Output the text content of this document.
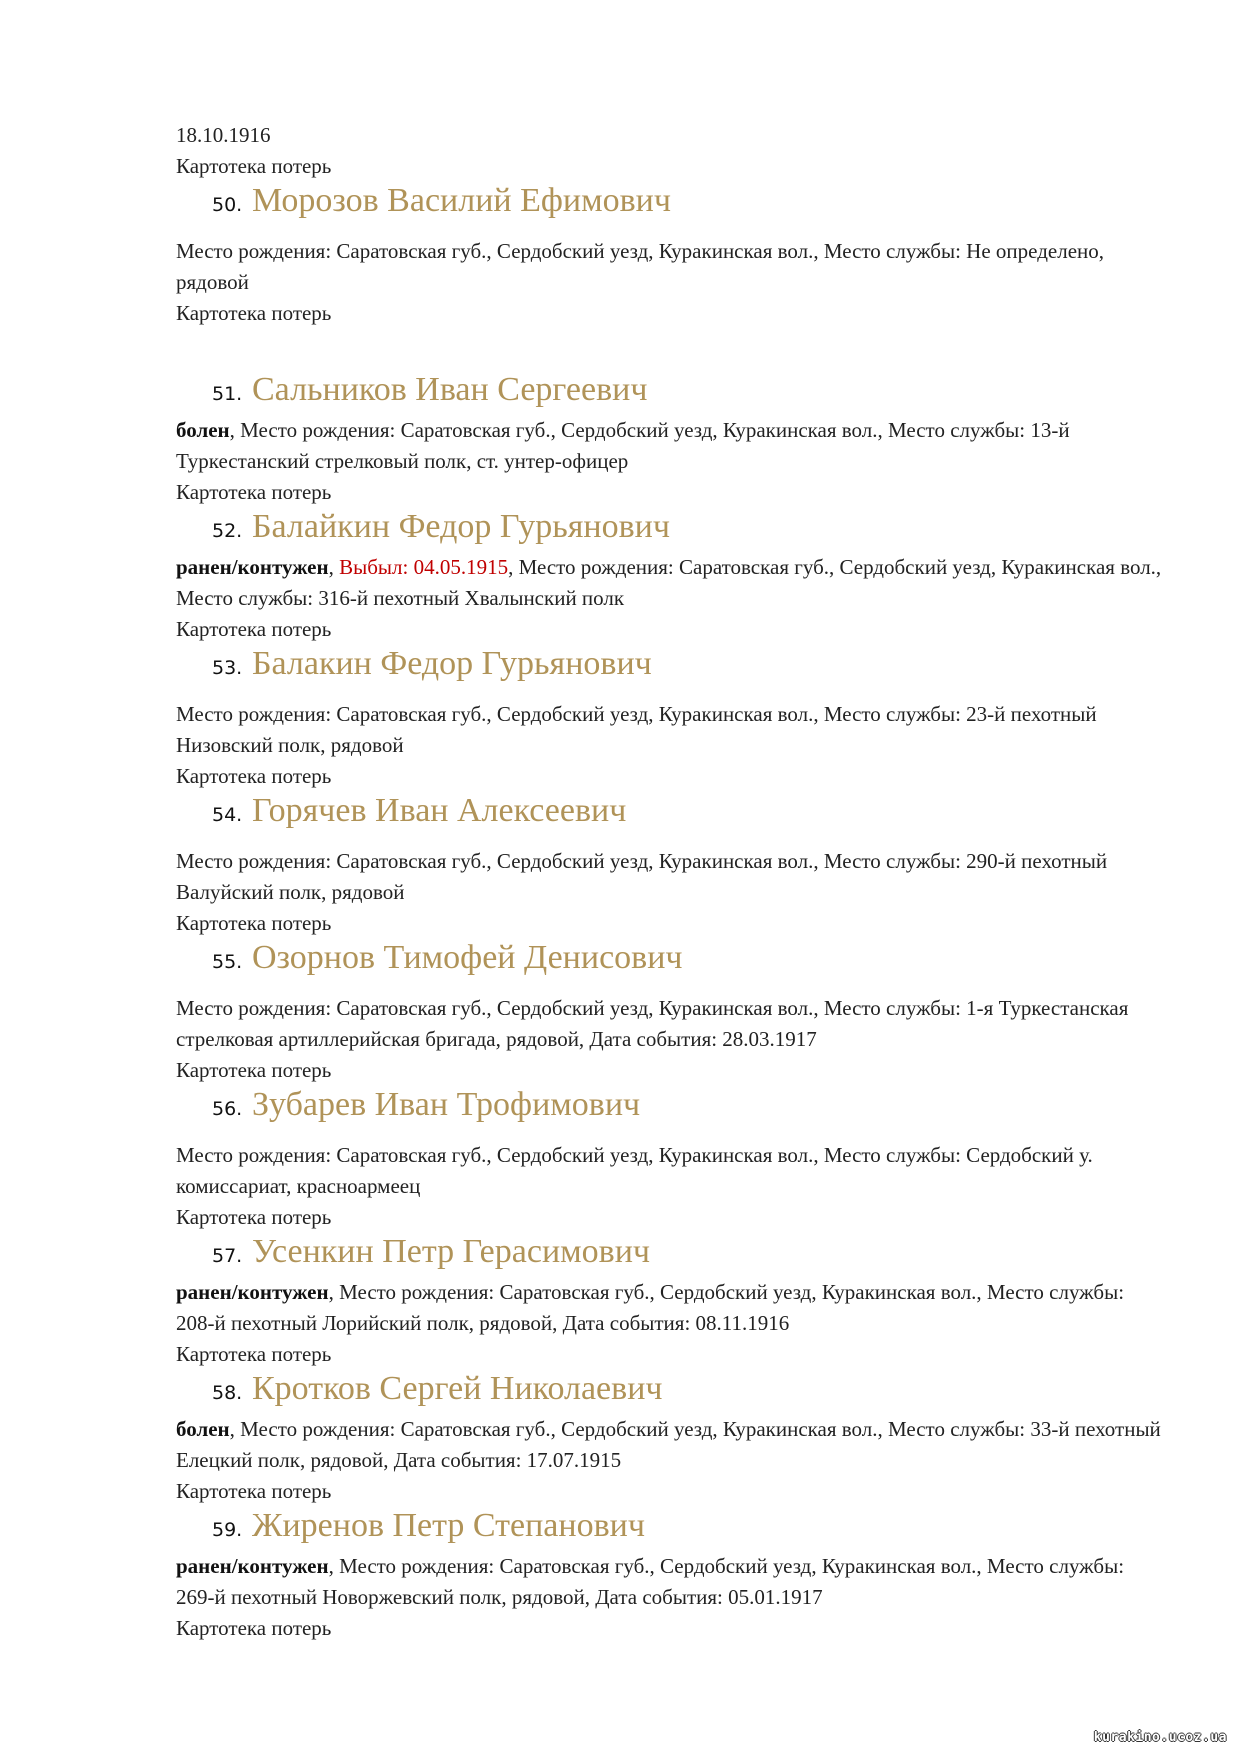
18.10.1916

Картотека потерь

50. Морозов Василий Ефимович

Место рождения: Саратовская губ., Сердобский уезд, Куракинская вол., Место службы: Не определено, рядовой

Картотека потерь

51. Сальников Иван Сергеевич

болен, Место рождения: Саратовская губ., Сердобский уезд, Куракинская вол., Место службы: 13-й Туркестанский стрелковый полк, ст. унтер-офицер

Картотека потерь

52. Балайкин Федор Гурьянович

ранен/контужен, Выбыл: 04.05.1915, Место рождения: Саратовская губ., Сердобский уезд, Куракинская вол., Место службы: 316-й пехотный Хвалынский полк

Картотека потерь

53. Балакин Федор Гурьянович

Место рождения: Саратовская губ., Сердобский уезд, Куракинская вол., Место службы: 23-й пехотный Низовский полк, рядовой

Картотека потерь

54. Горячев Иван Алексеевич

Место рождения: Саратовская губ., Сердобский уезд, Куракинская вол., Место службы: 290-й пехотный Валуйский полк, рядовой

Картотека потерь

55. Озорнов Тимофей Денисович

Место рождения: Саратовская губ., Сердобский уезд, Куракинская вол., Место службы: 1-я Туркестанская стрелковая артиллерийская бригада, рядовой, Дата события: 28.03.1917

Картотека потерь

56. Зубарев Иван Трофимович

Место рождения: Саратовская губ., Сердобский уезд, Куракинская вол., Место службы: Сердобский у. комиссариат, красноармеец

Картотека потерь

57. Усенкин Петр Герасимович

ранен/контужен, Место рождения: Саратовская губ., Сердобский уезд, Куракинская вол., Место службы: 208-й пехотный Лорийский полк, рядовой, Дата события: 08.11.1916

Картотека потерь

58. Кротков Сергей Николаевич

болен, Место рождения: Саратовская губ., Сердобский уезд, Куракинская вол., Место службы: 33-й пехотный Елецкий полк, рядовой, Дата события: 17.07.1915

Картотека потерь

59. Жиренов Петр Степанович

ранен/контужен, Место рождения: Саратовская губ., Сердобский уезд, Куракинская вол., Место службы: 269-й пехотный Новоржевский полк, рядовой, Дата события: 05.01.1917

Картотека потерь

kurakino.ucoz.ua
